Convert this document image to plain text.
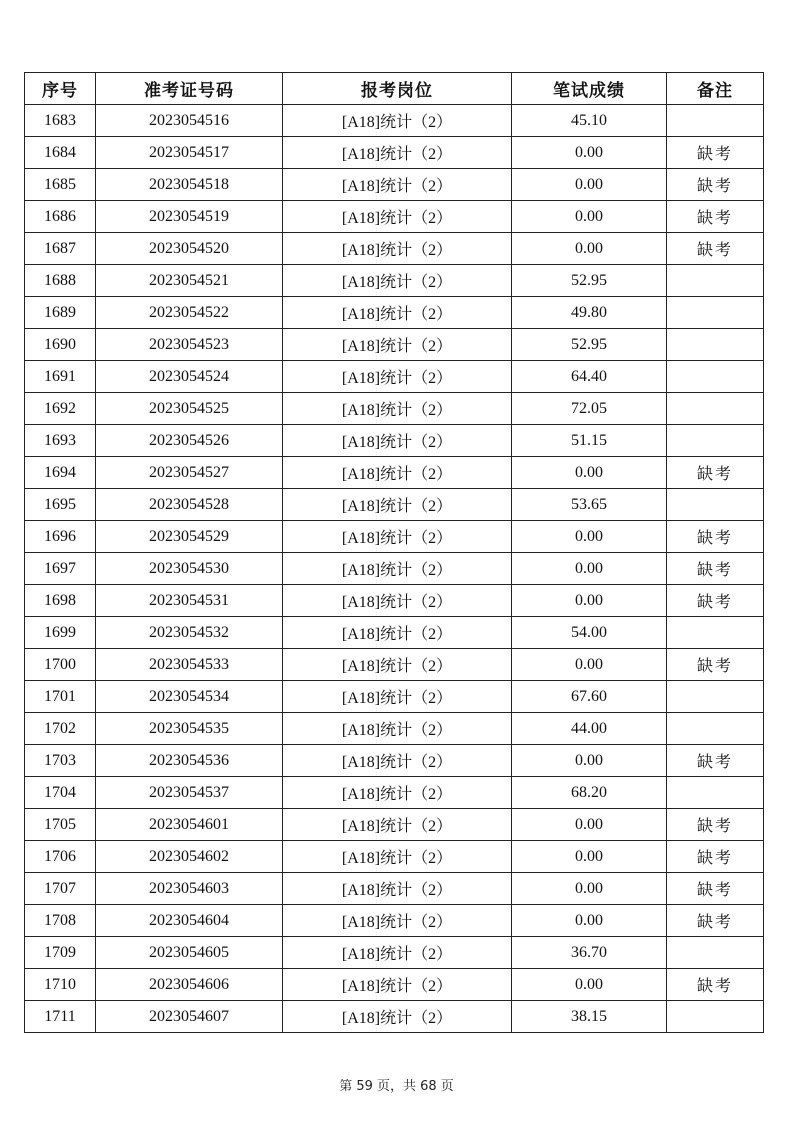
序号	准考证号码	报考岗位	笔试成绩	备注
1683	2023054516	[A18]统计（2）	45.10	
1684	2023054517	[A18]统计（2）	0.00	缺考
1685	2023054518	[A18]统计（2）	0.00	缺考
1686	2023054519	[A18]统计（2）	0.00	缺考
1687	2023054520	[A18]统计（2）	0.00	缺考
1688	2023054521	[A18]统计（2）	52.95	
1689	2023054522	[A18]统计（2）	49.80	
1690	2023054523	[A18]统计（2）	52.95	
1691	2023054524	[A18]统计（2）	64.40	
1692	2023054525	[A18]统计（2）	72.05	
1693	2023054526	[A18]统计（2）	51.15	
1694	2023054527	[A18]统计（2）	0.00	缺考
1695	2023054528	[A18]统计（2）	53.65	
1696	2023054529	[A18]统计（2）	0.00	缺考
1697	2023054530	[A18]统计（2）	0.00	缺考
1698	2023054531	[A18]统计（2）	0.00	缺考
1699	2023054532	[A18]统计（2）	54.00	
1700	2023054533	[A18]统计（2）	0.00	缺考
1701	2023054534	[A18]统计（2）	67.60	
1702	2023054535	[A18]统计（2）	44.00	
1703	2023054536	[A18]统计（2）	0.00	缺考
1704	2023054537	[A18]统计（2）	68.20	
1705	2023054601	[A18]统计（2）	0.00	缺考
1706	2023054602	[A18]统计（2）	0.00	缺考
1707	2023054603	[A18]统计（2）	0.00	缺考
1708	2023054604	[A18]统计（2）	0.00	缺考
1709	2023054605	[A18]统计（2）	36.70	
1710	2023054606	[A18]统计（2）	0.00	缺考
1711	2023054607	[A18]统计（2）	38.15	
第 59 页，共 68 页
